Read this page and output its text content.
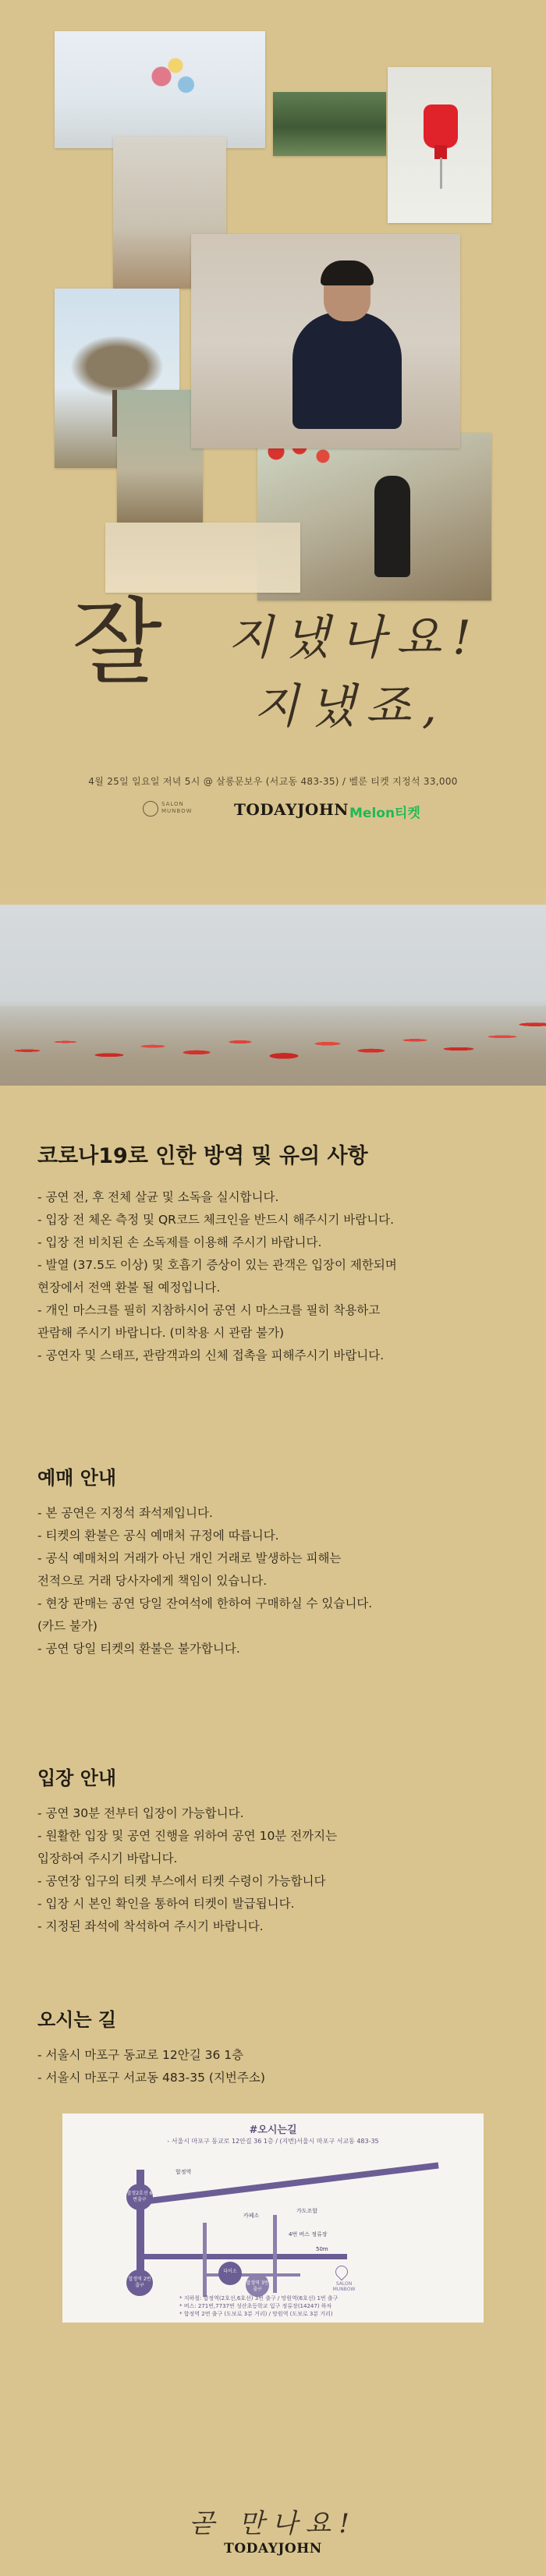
잘 지냈나요!
지냈죠,
4월 25일 일요일 저녁 5시 @ 살롱문보우 (서교동 483-35) / 벨룬 티켓 지정석 33,000
SALON MUNBOW	TODAYJOHN Melon티켓
코로나19로 인한 방역 및 유의 사항
- 공연 전, 후 전체 살균 및 소독을 실시합니다.
- 입장 전 체온 측정 및 QR코드 체크인을 반드시 해주시기 바랍니다.
- 입장 전 비치된 손 소독제를 이용해 주시기 바랍니다.
- 발열 (37.5도 이상) 및 호흡기 증상이 있는 관객은 입장이 제한되며
현장에서 전액 환불 될 예정입니다.
- 개인 마스크를 필히 지참하시어 공연 시 마스크를 필히 착용하고
관람해 주시기 바랍니다. (미착용 시 관람 불가)
- 공연자 및 스태프, 관람객과의 신체 접촉을 피해주시기 바랍니다.
예매 안내
- 본 공연은 지정석 좌석제입니다.
- 티켓의 환불은 공식 예매처 규정에 따릅니다.
- 공식 예매처의 거래가 아닌 개인 거래로 발생하는 피해는
전적으로 거래 당사자에게 책임이 있습니다.
- 현장 판매는 공연 당일 잔여석에 한하여 구매하실 수 있습니다.
(카드 불가)
- 공연 당일 티켓의 환불은 불가합니다.
입장 안내
- 공연 30분 전부터 입장이 가능합니다.
- 원활한 입장 및 공연 진행을 위하여 공연 10분 전까지는
입장하여 주시기 바랍니다.
- 공연장 입구의 티켓 부스에서 티켓 수령이 가능합니다
- 입장 시 본인 확인을 통하여 티켓이 발급됩니다.
- 지정된 좌석에 착석하여 주시기 바랍니다.
오시는 길
- 서울시 마포구 동교로 12안길 36 1층
- 서울시 마포구 서교동 483-35 (지번주소)
#오시는길
- 서울시 마포구 동교로 12안길 36 1층 / (지번)서울시 마포구 서교동 483-35
합정2호선 6번출구
합정역 2번출구
다이소
합정역 3번출구
합정역
카페소
가도조합
4번 버스 정류장
50m
SALON MUNBOW
* 지하철: 합정역(2호선,6호선) 3번 출구 / 망원역(6호선) 1번 출구
* 버스: 271번,7737번 성산초등학교 입구 정류장(14247) 하차
* 합정역 2번 출구 (도보로 3분 거리) / 망원역 (도보로 3분 거리)
곧 만나요!
TODAYJOHN
